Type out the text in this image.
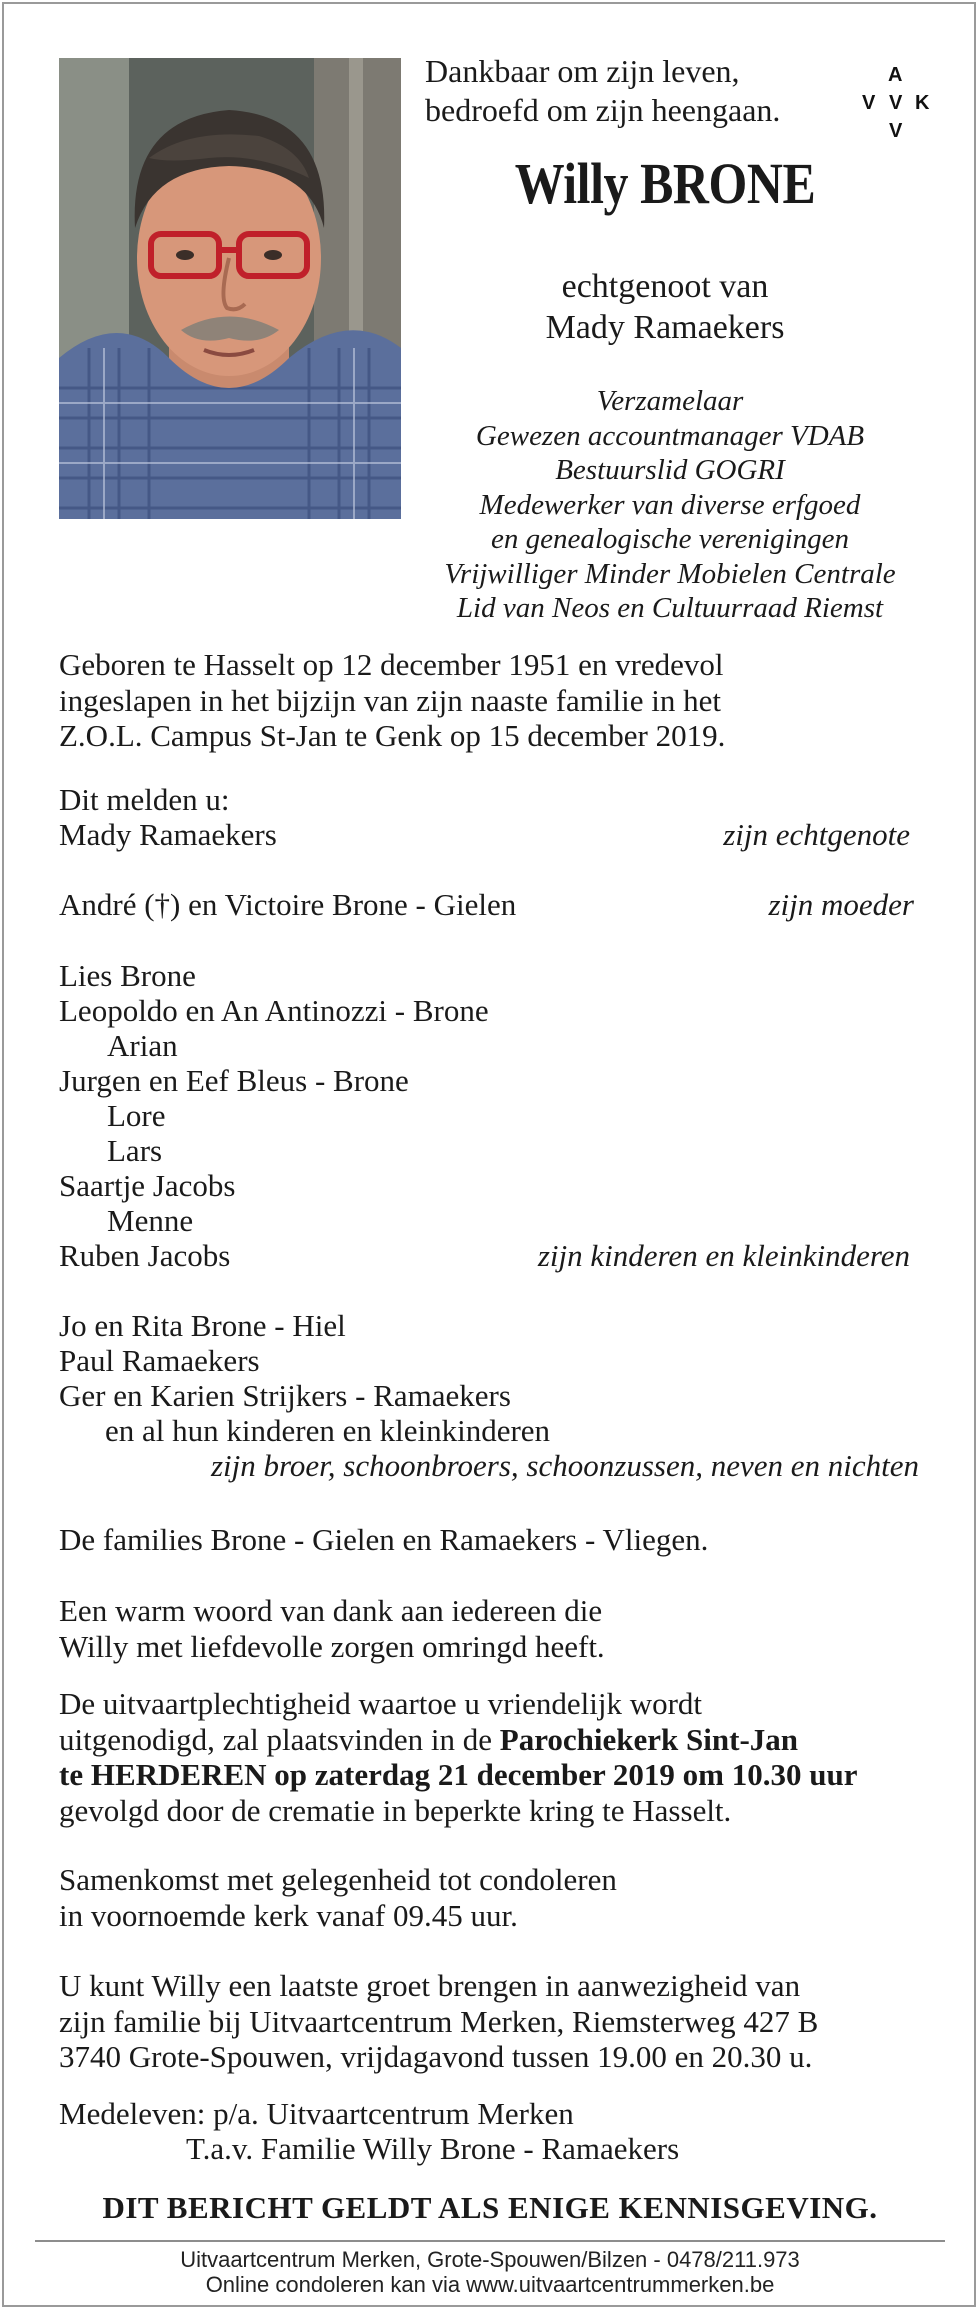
Dankbaar om zijn leven,
bedroefd om zijn heengaan.
A
V V K
V
Willy BRONE
echtgenoot van
Mady Ramaekers
Verzamelaar
Gewezen accountmanager VDAB
Bestuurslid GOGRI
Medewerker van diverse erfgoed
en genealogische verenigingen
Vrijwilliger Minder Mobielen Centrale
Lid van Neos en Cultuurraad Riemst
Geboren te Hasselt op 12 december 1951 en vredevol
ingeslapen in het bijzijn van zijn naaste familie in het
Z.O.L. Campus St-Jan te Genk op 15 december 2019.
Dit melden u:
Mady Ramaekers	zijn echtgenote
André (†) en Victoire Brone - Gielen	zijn moeder
Lies Brone
Leopoldo en An Antinozzi - Brone
Arian
Jurgen en Eef Bleus - Brone
Lore
Lars
Saartje Jacobs
Menne
Ruben Jacobs	zijn kinderen en kleinkinderen
Jo en Rita Brone - Hiel
Paul Ramaekers
Ger en Karien Strijkers - Ramaekers
en al hun kinderen en kleinkinderen
zijn broer, schoonbroers, schoonzussen, neven en nichten
De families Brone - Gielen en Ramaekers - Vliegen.
Een warm woord van dank aan iedereen die
Willy met liefdevolle zorgen omringd heeft.
De uitvaartplechtigheid waartoe u vriendelijk wordt
uitgenodigd, zal plaatsvinden in de Parochiekerk Sint-Jan
te HERDEREN op zaterdag 21 december 2019 om 10.30 uur
gevolgd door de crematie in beperkte kring te Hasselt.
Samenkomst met gelegenheid tot condoleren
in voornoemde kerk vanaf 09.45 uur.
U kunt Willy een laatste groet brengen in aanwezigheid van
zijn familie bij Uitvaartcentrum Merken, Riemsterweg 427 B
3740 Grote-Spouwen, vrijdagavond tussen 19.00 en 20.30 u.
Medeleven: p/a. Uitvaartcentrum Merken
T.a.v. Familie Willy Brone - Ramaekers
DIT BERICHT GELDT ALS ENIGE KENNISGEVING.
Uitvaartcentrum Merken, Grote-Spouwen/Bilzen - 0478/211.973
Online condoleren kan via www.uitvaartcentrummerken.be
